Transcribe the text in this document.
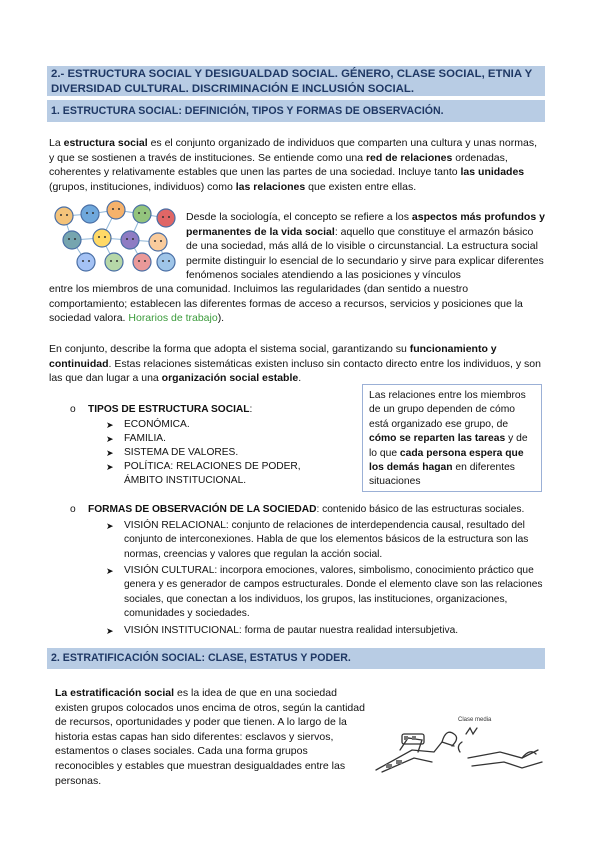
2.- ESTRUCTURA SOCIAL Y DESIGUALDAD SOCIAL. GÉNERO, CLASE SOCIAL, ETNIA Y DIVERSIDAD CULTURAL. DISCRIMINACIÓN E INCLUSIÓN SOCIAL.
1. ESTRUCTURA SOCIAL: DEFINICIÓN, TIPOS Y FORMAS DE OBSERVACIÓN.

La estructura social es el conjunto organizado de individuos que comparten una cultura y unas normas, y que se sostienen a través de instituciones. Se entiende como una red de relaciones ordenadas, coherentes y relativamente estables que unen las partes de una sociedad. Incluye tanto las unidades (grupos, instituciones, individuos) como las relaciones que existen entre ellas.

Desde la sociología, el concepto se refiere a los aspectos más profundos y permanentes de la vida social: aquello que constituye el armazón básico de una sociedad, más allá de lo visible o circunstancial. La estructura social permite distinguir lo esencial de lo secundario y sirve para explicar diferentes fenómenos sociales atendiendo a las posiciones y vínculos

entre los miembros de una comunidad. Incluimos las regularidades (dan sentido a nuestro comportamiento; establecen las diferentes formas de acceso a recursos, servicios y posiciones que la sociedad valora. Horarios de trabajo).

En conjunto, describe la forma que adopta el sistema social, garantizando su funcionamiento y continuidad. Estas relaciones sistemáticas existen incluso sin contacto directo entre los individuos, y son las que dan lugar a una organización social estable.

Las relaciones entre los miembros de un grupo dependen de cómo está organizado ese grupo, de cómo se reparten las tareas y de lo que cada persona espera que los demás hagan en diferentes situaciones
o TIPOS DE ESTRUCTURA SOCIAL:
➤	ECONÓMICA.
➤	FAMILIA.
➤	SISTEMA DE VALORES.
➤	POLÍTICA: RELACIONES DE PODER, ÁMBITO INSTITUCIONAL.
o FORMAS DE OBSERVACIÓN DE LA SOCIEDAD: contenido básico de las estructuras sociales.
➤	VISIÓN RELACIONAL: conjunto de relaciones de interdependencia causal, resultado del conjunto de interconexiones. Habla de que los elementos básicos de la estructura son las normas, creencias y valores que regulan la acción social.
➤	VISIÓN CULTURAL: incorpora emociones, valores, simbolismo, conocimiento práctico que genera y es generador de campos estructurales. Donde el elemento clave son las relaciones sociales, que conectan a los individuos, los grupos, las instituciones, organizaciones, comunidades y sociedades.
➤	VISIÓN INSTITUCIONAL: forma de pautar nuestra realidad intersubjetiva.
2. ESTRATIFICACIÓN SOCIAL: CLASE, ESTATUS Y PODER.

La estratificación social es la idea de que en una sociedad existen grupos colocados unos encima de otros, según la cantidad de recursos, oportunidades y poder que tienen. A lo largo de la historia estas capas han sido diferentes: esclavos y siervos, estamentos o clases sociales. Cada una forma grupos reconocibles y estables que muestran desigualdades entre las personas.

Clase media
